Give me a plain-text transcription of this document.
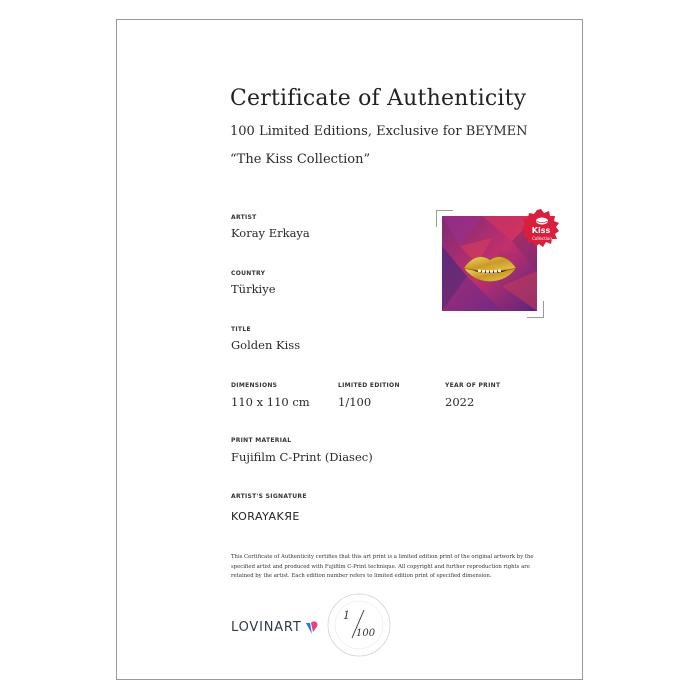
Certificate of Authenticity
100 Limited Editions, Exclusive for BEYMEN
“The Kiss Collection”
ARTIST
Koray Erkaya
COUNTRY
Türkiye
TITLE
Golden Kiss
DIMENSIONS
110 x 110 cm
LIMITED EDITION
1/100
YEAR OF PRINT
2022
PRINT MATERIAL
Fujifilm C-Print (Diasec)
ARTIST'S SIGNATURE
KORAYAKЯE
This Certificate of Authenticity certifies that this art print is a limited edition print of the original artwork by the specified artist and produced with Fujifilm C-Print technique. All copyright and further reproduction rights are retained by the artist. Each edition number refers to limited edition print of specified dimension.
Kiss
Collection
LOVINART
1
100
